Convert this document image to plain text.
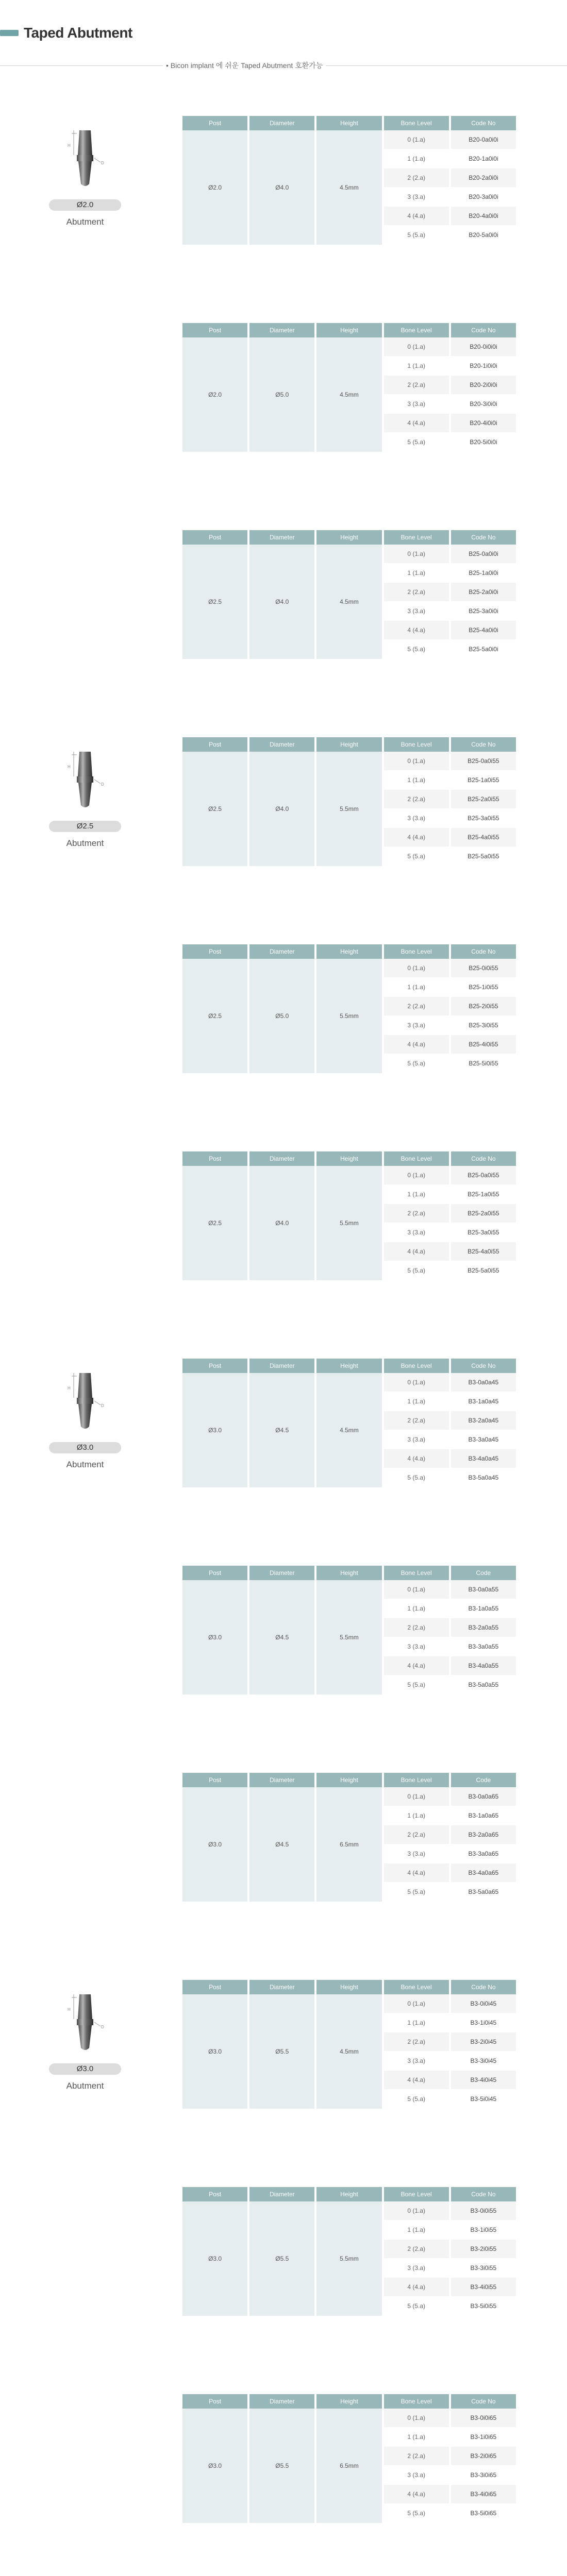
Taped Abutment
• Bicon implant 에 쉬운 Taped Abutment 호환가능
H
D
Ø2.0
Abutment
Post	Diameter	Height	Bone Level	Code No
Ø2.0	Ø4.0	4.5mm	0 (1.a)	B20-0a0i0i
			1 (1.a)	B20-1a0i0i
			2 (2.a)	B20-2a0i0i
			3 (3.a)	B20-3a0i0i
			4 (4.a)	B20-4a0i0i
			5 (5.a)	B20-5a0i0i
Post	Diameter	Height	Bone Level	Code No
Ø2.0	Ø5.0	4.5mm	0 (1.a)	B20-0i0i0i
			1 (1.a)	B20-1i0i0i
			2 (2.a)	B20-2i0i0i
			3 (3.a)	B20-3i0i0i
			4 (4.a)	B20-4i0i0i
			5 (5.a)	B20-5i0i0i
Post	Diameter	Height	Bone Level	Code No
Ø2.5	Ø4.0	4.5mm	0 (1.a)	B25-0a0i0i
			1 (1.a)	B25-1a0i0i
			2 (2.a)	B25-2a0i0i
			3 (3.a)	B25-3a0i0i
			4 (4.a)	B25-4a0i0i
			5 (5.a)	B25-5a0i0i
H
D
Ø2.5
Abutment
Post	Diameter	Height	Bone Level	Code No
Ø2.5	Ø4.0	5.5mm	0 (1.a)	B25-0a0i55
			1 (1.a)	B25-1a0i55
			2 (2.a)	B25-2a0i55
			3 (3.a)	B25-3a0i55
			4 (4.a)	B25-4a0i55
			5 (5.a)	B25-5a0i55
Post	Diameter	Height	Bone Level	Code No
Ø2.5	Ø5.0	5.5mm	0 (1.a)	B25-0i0i55
			1 (1.a)	B25-1i0i55
			2 (2.a)	B25-2i0i55
			3 (3.a)	B25-3i0i55
			4 (4.a)	B25-4i0i55
			5 (5.a)	B25-5i0i55
Post	Diameter	Height	Bone Level	Code No
Ø2.5	Ø4.0	5.5mm	0 (1.a)	B25-0a0i55
			1 (1.a)	B25-1a0i55
			2 (2.a)	B25-2a0i55
			3 (3.a)	B25-3a0i55
			4 (4.a)	B25-4a0i55
			5 (5.a)	B25-5a0i55
H
D
Ø3.0
Abutment
Post	Diameter	Height	Bone Level	Code No
Ø3.0	Ø4.5	4.5mm	0 (1.a)	B3-0a0a45
			1 (1.a)	B3-1a0a45
			2 (2.a)	B3-2a0a45
			3 (3.a)	B3-3a0a45
			4 (4.a)	B3-4a0a45
			5 (5.a)	B3-5a0a45
Post	Diameter	Height	Bone Level	Code
Ø3.0	Ø4.5	5.5mm	0 (1.a)	B3-0a0a55
			1 (1.a)	B3-1a0a55
			2 (2.a)	B3-2a0a55
			3 (3.a)	B3-3a0a55
			4 (4.a)	B3-4a0a55
			5 (5.a)	B3-5a0a55
Post	Diameter	Height	Bone Level	Code
Ø3.0	Ø4.5	6.5mm	0 (1.a)	B3-0a0a65
			1 (1.a)	B3-1a0a65
			2 (2.a)	B3-2a0a65
			3 (3.a)	B3-3a0a65
			4 (4.a)	B3-4a0a65
			5 (5.a)	B3-5a0a65
H
D
Ø3.0
Abutment
Post	Diameter	Height	Bone Level	Code No
Ø3.0	Ø5.5	4.5mm	0 (1.a)	B3-0i0i45
			1 (1.a)	B3-1i0i45
			2 (2.a)	B3-2i0i45
			3 (3.a)	B3-3i0i45
			4 (4.a)	B3-4i0i45
			5 (5.a)	B3-5i0i45
Post	Diameter	Height	Bone Level	Code No
Ø3.0	Ø5.5	5.5mm	0 (1.a)	B3-0i0i55
			1 (1.a)	B3-1i0i55
			2 (2.a)	B3-2i0i55
			3 (3.a)	B3-3i0i55
			4 (4.a)	B3-4i0i55
			5 (5.a)	B3-5i0i55
Post	Diameter	Height	Bone Level	Code No
Ø3.0	Ø5.5	6.5mm	0 (1.a)	B3-0i0i65
			1 (1.a)	B3-1i0i65
			2 (2.a)	B3-2i0i65
			3 (3.a)	B3-3i0i65
			4 (4.a)	B3-4i0i65
			5 (5.a)	B3-5i0i65
